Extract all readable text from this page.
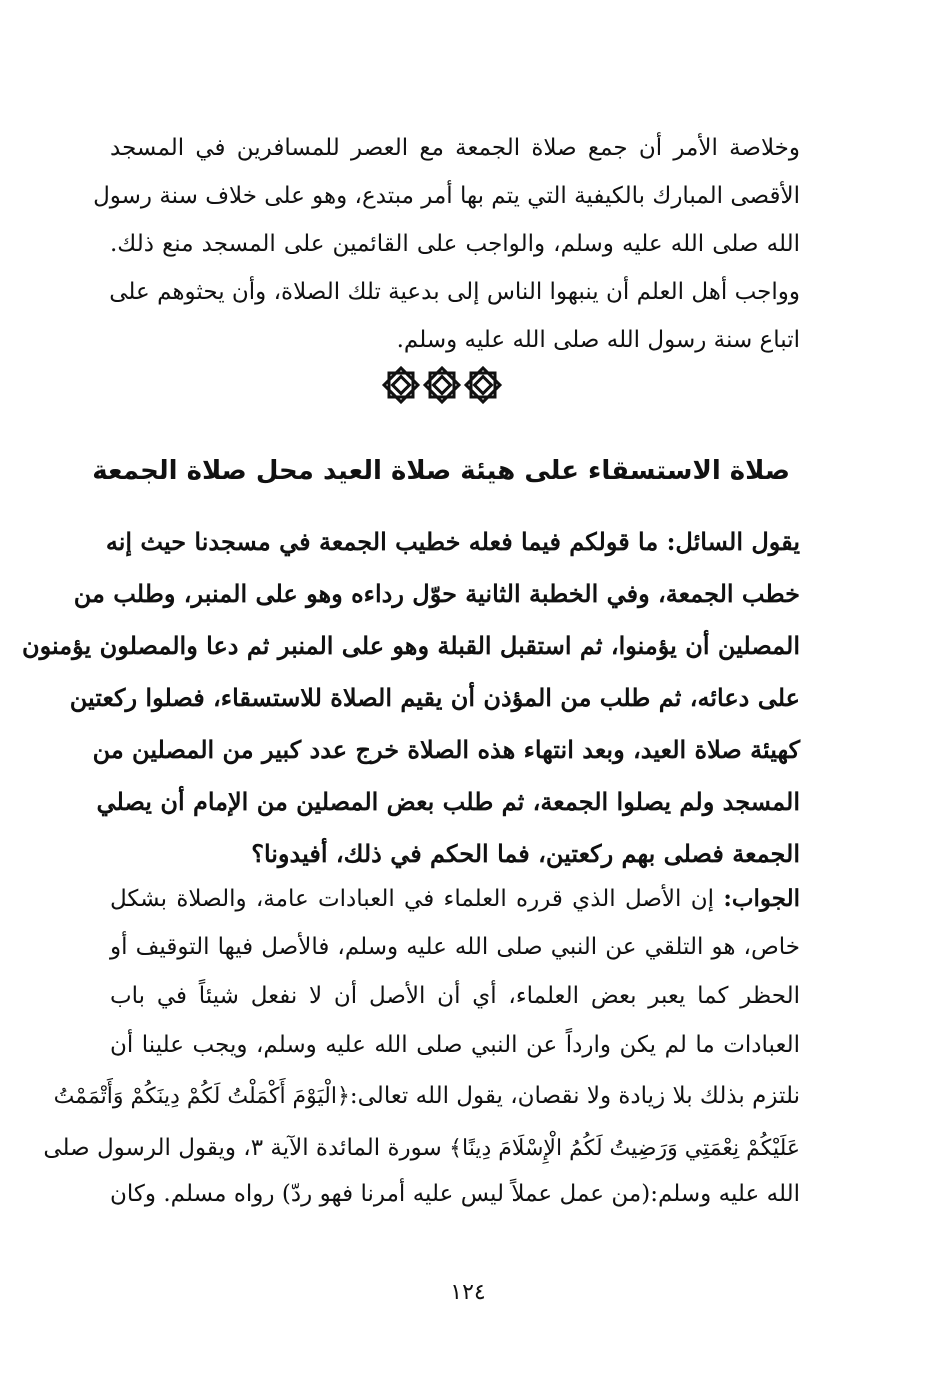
وخلاصة الأمر أن جمع صلاة الجمعة مع العصر للمسافرين في المسجد
الأقصى المبارك بالكيفية التي يتم بها أمر مبتدع، وهو على خلاف سنة رسول
الله صلى الله عليه وسلم، والواجب على القائمين على المسجد منع ذلك.
وواجب أهل العلم أن ينبهوا الناس إلى بدعية تلك الصلاة، وأن يحثوهم على
اتباع سنة رسول الله صلى الله عليه وسلم.
صلاة الاستسقاء على هيئة صلاة العيد محل صلاة الجمعة
يقول السائل: ما قولكم فيما فعله خطيب الجمعة في مسجدنا حيث إنه
خطب الجمعة، وفي الخطبة الثانية حوّل رداءه وهو على المنبر، وطلب من
المصلين أن يؤمنوا، ثم استقبل القبلة وهو على المنبر ثم دعا والمصلون يؤمنون
على دعائه، ثم طلب من المؤذن أن يقيم الصلاة للاستسقاء، فصلوا ركعتين
كهيئة صلاة العيد، وبعد انتهاء هذه الصلاة خرج عدد كبير من المصلين من
المسجد ولم يصلوا الجمعة، ثم طلب بعض المصلين من الإمام أن يصلي
الجمعة فصلى بهم ركعتين، فما الحكم في ذلك، أفيدونا؟
الجواب: إن الأصل الذي قرره العلماء في العبادات عامة، والصلاة بشكل
خاص، هو التلقي عن النبي صلى الله عليه وسلم، فالأصل فيها التوقيف أو
الحظر كما يعبر بعض العلماء، أي أن الأصل أن لا نفعل شيئاً في باب
العبادات ما لم يكن وارداً عن النبي صلى الله عليه وسلم، ويجب علينا أن
نلتزم بذلك بلا زيادة ولا نقصان، يقول الله تعالى:﴿الْيَوْمَ أَكْمَلْتُ لَكُمْ دِينَكُمْ وَأَتْمَمْتُ
عَلَيْكُمْ نِعْمَتِي وَرَضِيتُ لَكُمُ الْإِسْلَامَ دِينًا﴾ سورة المائدة الآية ٣، ويقول الرسول صلى
الله عليه وسلم:(من عمل عملاً ليس عليه أمرنا فهو ردّ) رواه مسلم. وكان
١٢٤
